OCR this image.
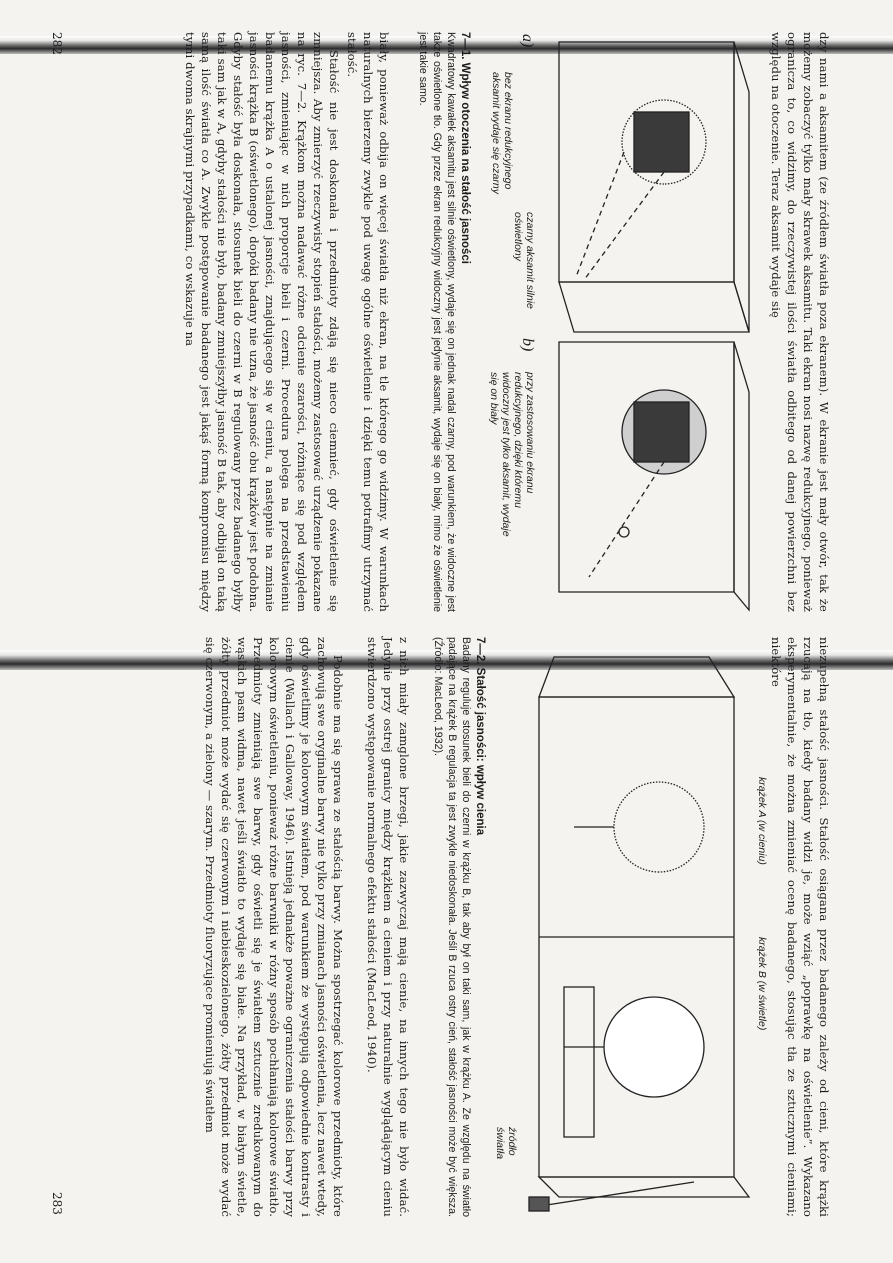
dzy nami a aksamitem (ze źródłem światła poza ekranem). W ekranie jest mały otwór, tak że możemy zobaczyć tylko mały skrawek aksamitu. Taki ekran nosi nazwę redukcyjnego, ponieważ ogranicza to, co widzimy, do rzeczywistej ilości światła odbitego od danej powierzchni bez względu na otoczenie. Teraz aksamit wydaje się

a)
b)
czarny aksamit silnie oświetlony
bez ekranu redukcyjnego aksamit wydaje się czarny
przy zastosowaniu ekranu redukcyjnego, dzięki któremu widoczny jest tylko aksamit, wydaje się on biały
7—1. Wpływ otoczenia na stałość jasności
Kwadratowy kawałek aksamitu jest silnie oświetlony, wydaje się on jednak nadal czarny, pod warunkiem, że widoczne jest także oświetlone tło. Gdy przez ekran redukcyjny widoczny jest jedynie aksamit, wydaje się on biały, mimo że oświetlenie jest takie samo.

biały, ponieważ odbija on więcej światła niż ekran, na tle którego go widzimy. W warunkach naturalnych bierzemy zwykle pod uwagę ogólne oświetlenie i dzięki temu potrafimy utrzymać stałość.

Stałość nie jest doskonała i przedmioty zdają się nieco ciemnieć, gdy oświetlenie się zmniejsza. Aby zmierzyć rzeczywisty stopień stałości, możemy zastosować urządzenie pokazane na ryc. 7—2. Krążkom można nadawać różne odcienie szarości, różniące się pod względem jasności, zmieniając w nich proporcje bieli i czerni. Procedura polega na przedstawieniu badanemu krążka A o ustalonej jasności, znajdującego się w cieniu, a następnie na zmianie jasności krążka B (oświetlonego), dopóki badany nie uzna, że jasność obu krążków jest podobna. Gdyby stałość była doskonała, stosunek bieli do czerni w B regulowany przez badanego byłby taki sam jak w A, gdyby stałości nie było, badany zmniejszyłby jasność B tak, aby odbijał on taką samą ilość światła co A. Zwykle postępowanie badanego jest jakąś formą kompromisu między tymi dwoma skrajnymi przypadkami, co wskazuje na

282

niezupełną stałość jasności. Stałość osiągana przez badanego zależy od cieni, które krążki rzucają na tło, kiedy badany widzi je, może wziąć „poprawkę na oświetlenie”. Wykazano eksperymentalnie, że można zmieniać ocenę badanego, stosując tła ze sztucznymi cieniami; niektóre

krążek A (w cieniu)
krążek B (w świetle)
źródło światła
7—2. Stałość jasności: wpływ cienia
Badany reguluje stosunek bieli do czerni w krążku B, tak aby był on taki sam, jak w krążku A. Ze względu na światło padające na krążek B regulacja ta jest zwykle niedoskonała. Jeśli B rzuca ostry cień, stałość jasności może być większa. (Źródło: MacLeod, 1932).

z nich miały zamglone brzegi, jakie zazwyczaj mają cienie, na innych tego nie było widać. Jedynie przy ostrej granicy między krążkiem a cieniem i przy naturalnie wyglądającym cieniu stwierdzono występowanie normalnego efektu stałości (MacLeod, 1940).

Podobnie ma się sprawa ze stałością barwy. Można spostrzegać kolorowe przedmioty, które zachowują swe oryginalne barwy nie tylko przy zmianach jasności oświetlenia, lecz nawet wtedy, gdy oświetlimy je kolorowym światłem, pod warunkiem że występują odpowiednie kontrasty i cienie (Wallach i Galloway, 1946). Istnieją jednakże poważne ograniczenia stałości barwy przy kolorowym oświetleniu, ponieważ różne barwniki w różny sposób pochłaniają kolorowe światło. Przedmioty zmieniają swe barwy, gdy oświetli się je światłem sztucznie zredukowanym do wąskich pasm widma, nawet jeśli światło to wydaje się białe. Na przykład, w białym świetle, żółty przedmiot może wydać się czerwonym i niebieskozielonego, żółty przedmiot może wydać się czerwonym, a zielony — szarym. Przedmioty fluoryzujące promieniują światłem

283
